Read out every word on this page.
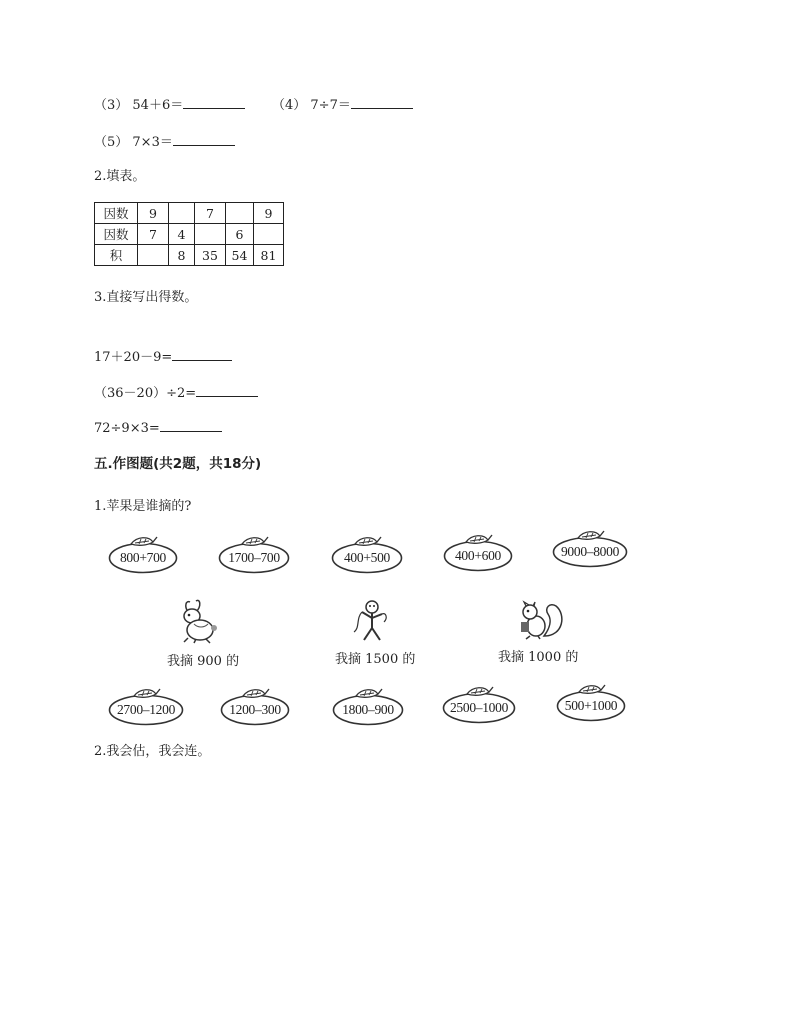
（3） 54＋6＝	（4） 7÷7＝
（5） 7×3＝
2.填表。
因数	9		7		9
因数	7	4		6	
积		8	35	54	81
3.直接写出得数。
17＋20－9=
（36－20）÷2=
72÷9×3=
五.作图题(共2题，共18分)
1.苹果是谁摘的?
800+700	1700–700	400+500	400+600	9000–8000
我摘 900 的	我摘 1500 的	我摘 1000 的
2700–1200	1200–300	1800–900	2500–1000	500+1000
2.我会估，我会连。
